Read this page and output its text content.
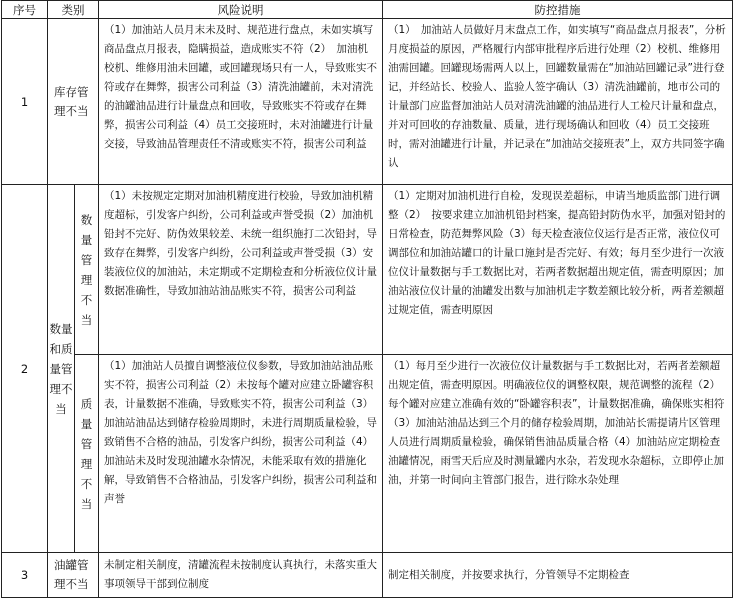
序号	类别		风险说明	防控措施
1	库存管理不当		（1）加油站人员月末未及时、规范进行盘点，未如实填写商品盘点月报表，隐瞒损益，造成账实不符（2）　加油机校机、维修用油未回罐，或回罐现场只有一人，导致账实不符或存在舞弊，损害公司利益（3）清洗油罐前，未对清洗的油罐油品进行计量盘点和回收，导致账实不符或存在舞弊，损害公司利益（4）员工交接班时，未对油罐进行计量交接，导致油品管理责任不清或账实不符，损害公司利益	（1）　加油站人员做好月末盘点工作，如实填写“商品盘点月报表”，分析月度损益的原因，严格履行内部审批程序后进行处理（2）校机、维修用油需回罐。回罐现场需两人以上，回罐数量需在“加油站回罐记录”进行登记，并经站长、校验人、监验人签字确认（3）清洗油罐前，地市公司的计量部门应监督加油站人员对清洗油罐的油品进行人工检尺计量和盘点，并对可回收的存油数量、质量，进行现场确认和回收（4）员工交接班时，需对油罐进行计量，并记录在“加油站交接班表”上，双方共同签字确认
2	数量和质量管理不当	数量管理不当	（1）未按规定定期对加油机精度进行校验，导致加油机精度超标，引发客户纠纷，公司利益或声誉受损（2）加油机铅封不完好、防伪效果较差、未统一组织施打二次铅封，导致存在舞弊，引发客户纠纷，公司利益或声誉受损（3）安装液位仪的加油站，未定期或不定期检查和分析液位仪计量数据准确性，导致加油站油品账实不符，损害公司利益	（1）定期对加油机进行自检，发现误差超标，申请当地质监部门进行调整（2）　按要求建立加油机铅封档案，提高铅封防伪水平，加强对铅封的日常检查，防范舞弊风险（3）每天检查液位仪运行是否正常，液位仪可调部位和加油站罐口的计量口施封是否完好、有效；每月至少进行一次液位仪计量数据与手工数据比对，若两者数据超出规定值，需查明原因；加油站液位仪计量的油罐发出数与加油机走字数差额比较分析，两者差额超过规定值，需查明原因
		质量管理不当	（1）加油站人员擅自调整液位仪参数，导致加油站油品账实不符，损害公司利益（2）未按每个罐对应建立卧罐容积表，计量数据不准确，导致账实不符，损害公司利益（3）加油站油品达到储存检验周期时，未进行周期质量检验，导致销售不合格的油品，引发客户纠纷，损害公司利益（4）　加油站未及时发现油罐水杂情况，未能采取有效的措施化解，导致销售不合格油品，引发客户纠纷，损害公司利益和声誉	（1）每月至少进行一次液位仪计量数据与手工数据比对，若两者差额超出规定值，需查明原因。明确液位仪的调整权限，规范调整的流程（2）　每个罐对应建立准确有效的“卧罐容积表”，计量数据准确，确保账实相符（3）加油站油品达到三个月的储存检验周期，加油站长需提请片区管理人员进行周期质量检验，确保销售油品质量合格（4）加油站应定期检查油罐情况，雨雪天后应及时测量罐内水杂，若发现水杂超标，立即停止加油，并第一时间向主管部门报告，进行除水杂处理
3	油罐管理不当		未制定相关制度，清罐流程未按制度认真执行，未落实重大事项领导干部到位制度	制定相关制度，并按要求执行，分管领导不定期检查
